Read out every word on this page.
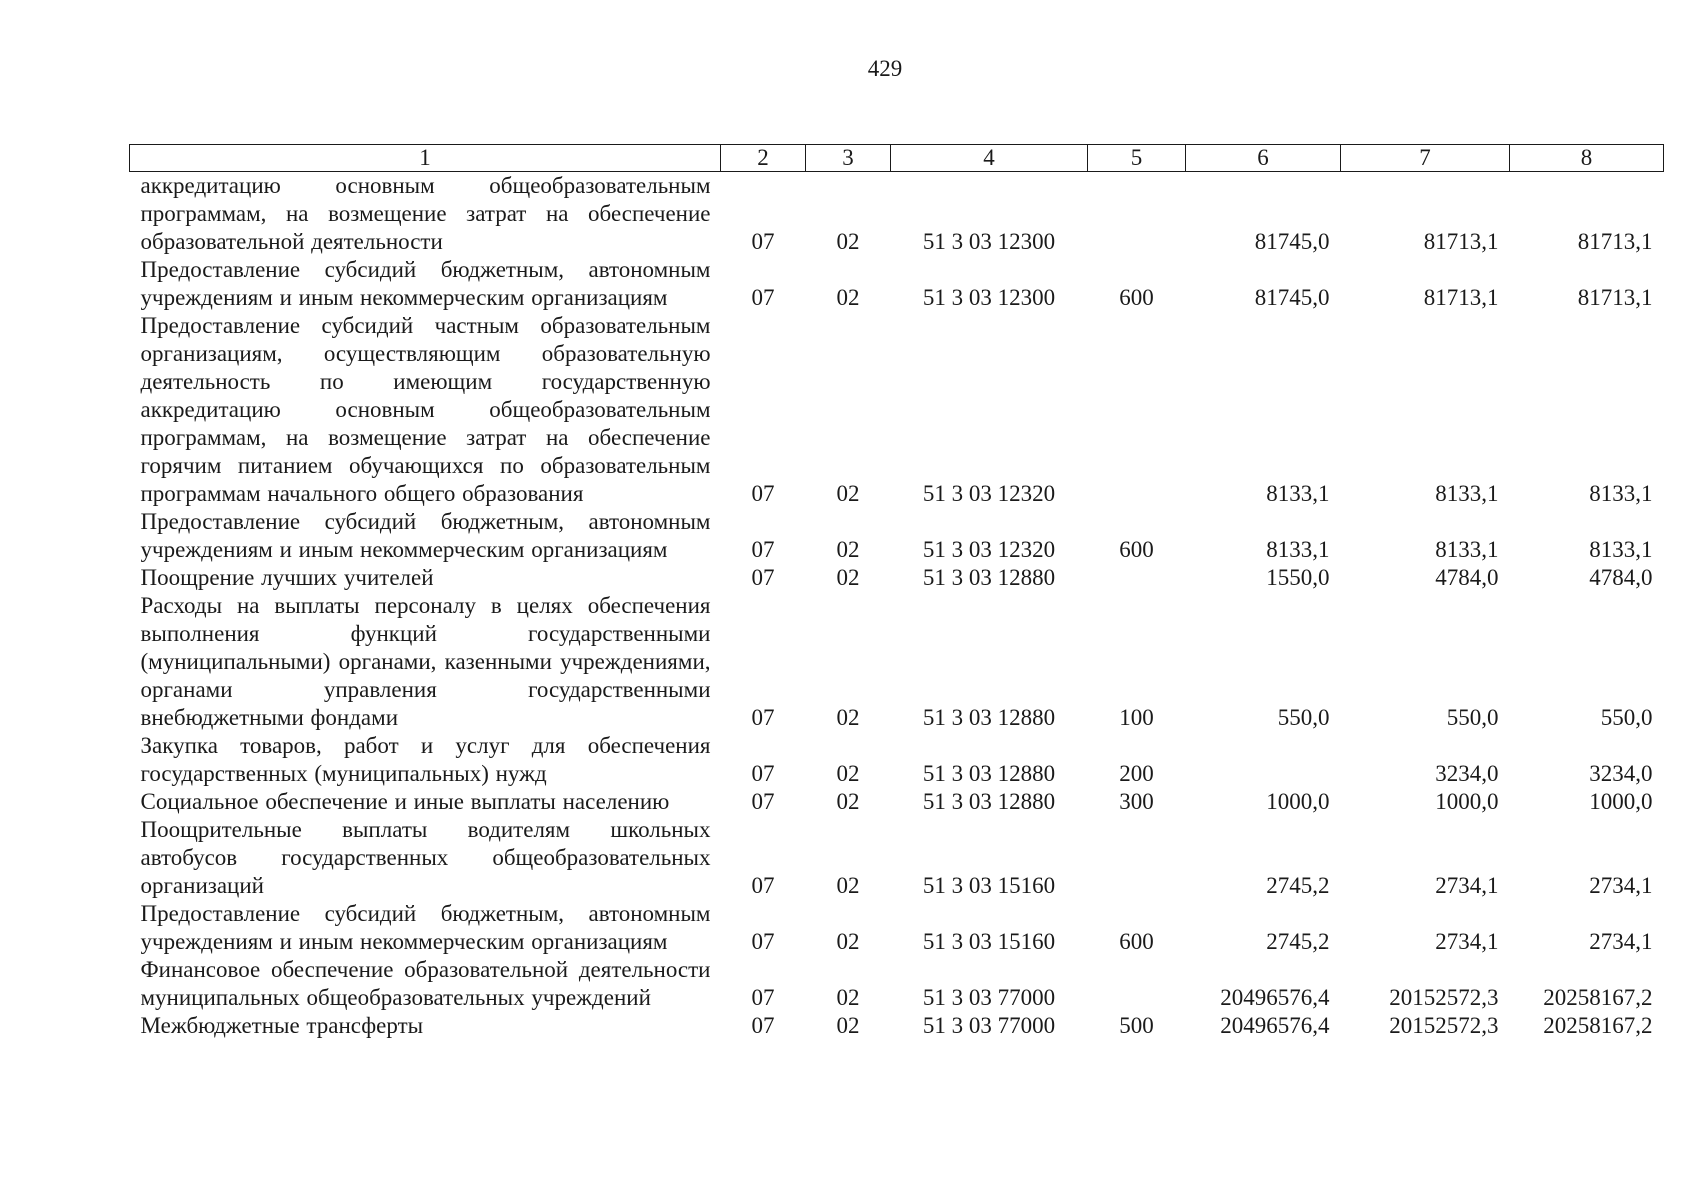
429
1	2	3	4	5	6	7	8
аккредитацию основным общеобразовательным программам, на возмещение затрат на обеспечение образовательной деятельности	07	02	51 3 03 12300		81745,0	81713,1	81713,1
Предоставление субсидий бюджетным, автономным учреждениям и иным некоммерческим организациям	07	02	51 3 03 12300	600	81745,0	81713,1	81713,1
Предоставление субсидий частным образовательным организациям, осуществляющим образовательную деятельность по имеющим государственную аккредитацию основным общеобразовательным программам, на возмещение затрат на обеспечение горячим питанием обучающихся по образовательным программам начального общего образования	07	02	51 3 03 12320		8133,1	8133,1	8133,1
Предоставление субсидий бюджетным, автономным учреждениям и иным некоммерческим организациям	07	02	51 3 03 12320	600	8133,1	8133,1	8133,1
Поощрение лучших учителей	07	02	51 3 03 12880		1550,0	4784,0	4784,0
Расходы на выплаты персоналу в целях обеспечения выполнения функций государственными (муниципальными) органами, казенными учреждениями, органами управления государственными внебюджетными фондами	07	02	51 3 03 12880	100	550,0	550,0	550,0
Закупка товаров, работ и услуг для обеспечения государственных (муниципальных) нужд	07	02	51 3 03 12880	200		3234,0	3234,0
Социальное обеспечение и иные выплаты населению	07	02	51 3 03 12880	300	1000,0	1000,0	1000,0
Поощрительные выплаты водителям школьных автобусов государственных общеобразовательных организаций	07	02	51 3 03 15160		2745,2	2734,1	2734,1
Предоставление субсидий бюджетным, автономным учреждениям и иным некоммерческим организациям	07	02	51 3 03 15160	600	2745,2	2734,1	2734,1
Финансовое обеспечение образовательной деятельности муниципальных общеобразовательных учреждений	07	02	51 3 03 77000		20496576,4	20152572,3	20258167,2
Межбюджетные трансферты	07	02	51 3 03 77000	500	20496576,4	20152572,3	20258167,2
